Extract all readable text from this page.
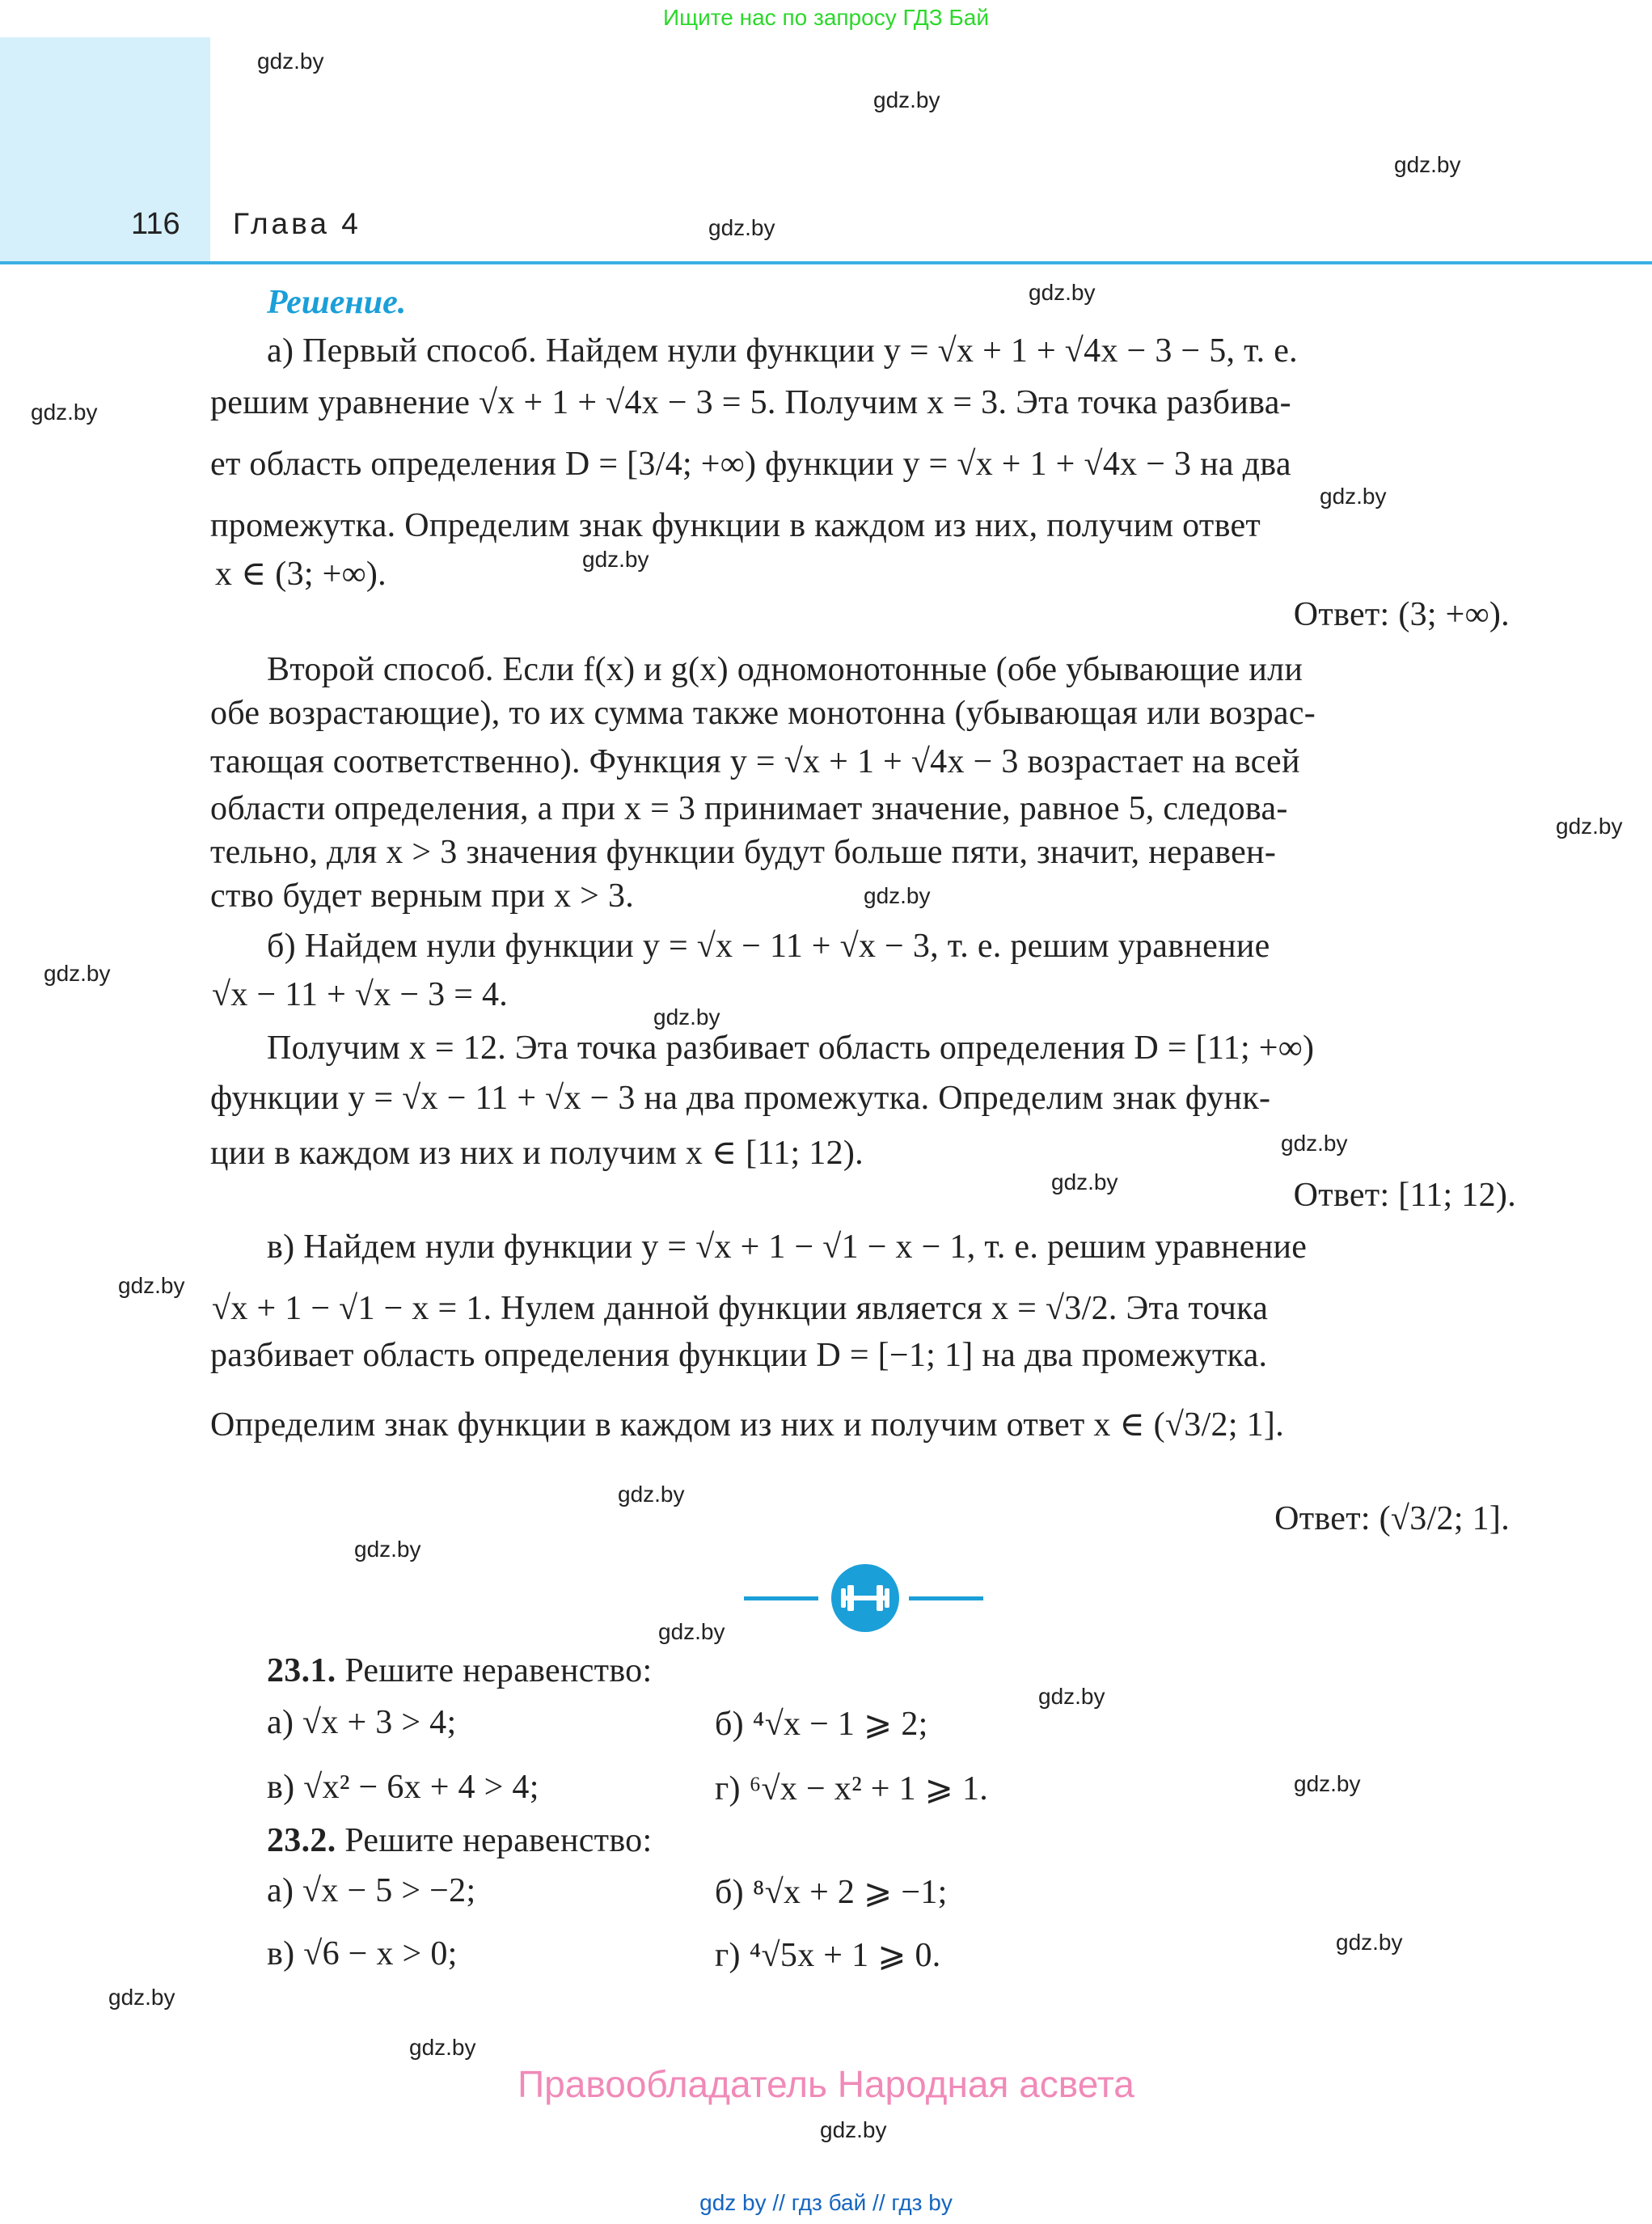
Ищите нас по запросу ГДЗ Бай
116 Глава 4
gdz.by
gdz.by
gdz.by
gdz.by
gdz.by
gdz.by
gdz.by
gdz.by
gdz.by
gdz.by
gdz.by
gdz.by
gdz.by
gdz.by
gdz.by
gdz.by
gdz.by
gdz.by
gdz.by
gdz.by
gdz.by
gdz.by
gdz.by
gdz.by
Решение.
а) Первый способ. Найдем нули функции y = √x + 1 + √4x − 3 − 5, т. е.
решим уравнение √x + 1 + √4x − 3 = 5. Получим x = 3. Эта точка разбива-
ет область определения D = [3/4; +∞) функции y = √x + 1 + √4x − 3 на два
промежутка. Определим знак функции в каждом из них, получим ответ
x ∈ (3; +∞).
Ответ: (3; +∞).
Второй способ. Если f(x) и g(x) одномонотонные (обе убывающие или
обе возрастающие), то их сумма также монотонна (убывающая или возрас-
тающая соответственно). Функция y = √x + 1 + √4x − 3 возрастает на всей
области определения, а при x = 3 принимает значение, равное 5, следова-
тельно, для x > 3 значения функции будут больше пяти, значит, неравен-
ство будет верным при x > 3.
б) Найдем нули функции y = √x − 11 + √x − 3, т. е. решим уравнение
√x − 11 + √x − 3 = 4.
Получим x = 12. Эта точка разбивает область определения D = [11; +∞)
функции y = √x − 11 + √x − 3 на два промежутка. Определим знак функ-
ции в каждом из них и получим x ∈ [11; 12).
Ответ: [11; 12).
в) Найдем нули функции y = √x + 1 − √1 − x − 1, т. е. решим уравнение
√x + 1 − √1 − x = 1. Нулем данной функции является x = √3/2. Эта точка
разбивает область определения функции D = [−1; 1] на два промежутка.
Определим знак функции в каждом из них и получим ответ x ∈ (√3/2; 1].
Ответ: (√3/2; 1].
23.1. Решите неравенство:
а) √x + 3 > 4;	б) ⁴√x − 1 ⩾ 2;
в) √x² − 6x + 4 > 4;	г) ⁶√x − x² + 1 ⩾ 1.
23.2. Решите неравенство:
а) √x − 5 > −2;	б) ⁸√x + 2 ⩾ −1;
в) √6 − x > 0;	г) ⁴√5x + 1 ⩾ 0.
Правообладатель Народная асвета
gdz by // гдз бай // гдз by
